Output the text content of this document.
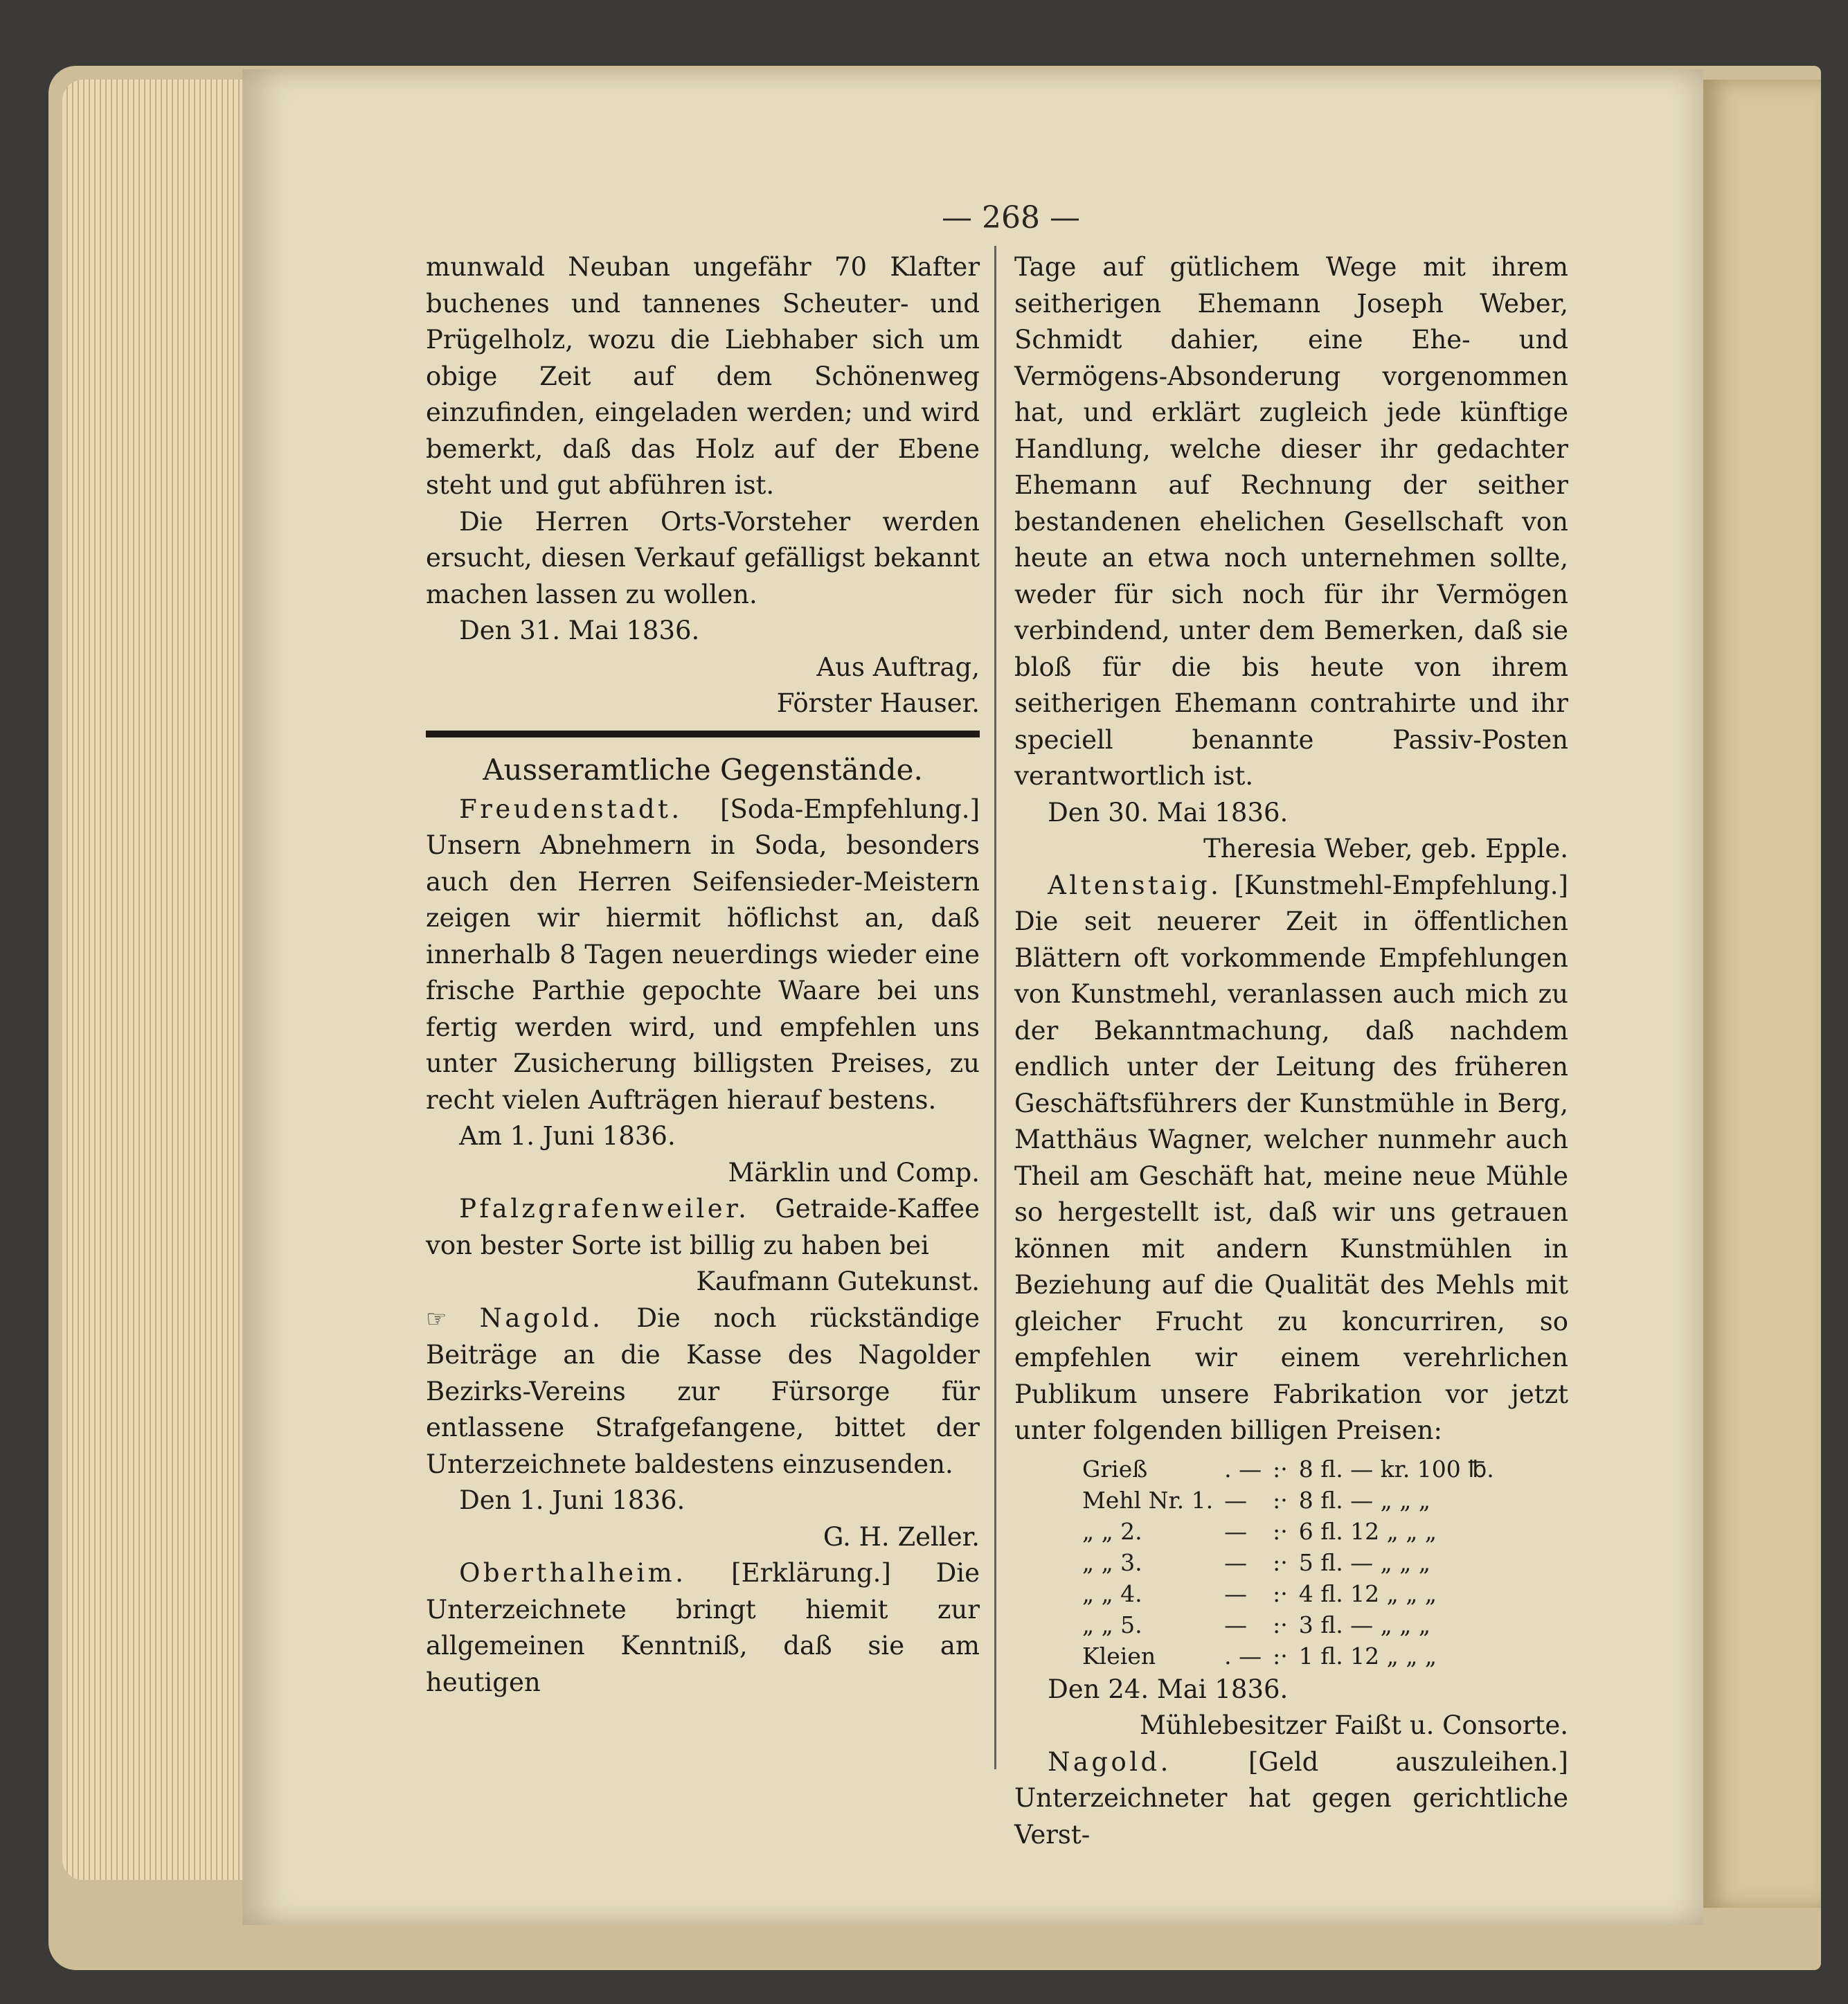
— 268 —

munwald Neuban ungefähr 70 Klafter buchenes und tannenes Scheuter- und Prügelholz, wozu die Liebhaber sich um obige Zeit auf dem Schönenweg einzufinden, eingeladen werden; und wird bemerkt, daß das Holz auf der Ebene steht und gut abführen ist.

Die Herren Orts-Vorsteher werden ersucht, diesen Verkauf gefälligst bekannt machen lassen zu wollen.

Den 31. Mai 1836.

Aus Auftrag,

Förster Hauser.

Ausseramtliche Gegenstände.

Freudenstadt. [Soda-Empfehlung.] Unsern Abnehmern in Soda, besonders auch den Herren Seifensieder-Meistern zeigen wir hiermit höflichst an, daß innerhalb 8 Tagen neuerdings wieder eine frische Parthie gepochte Waare bei uns fertig werden wird, und empfehlen uns unter Zusicherung billigsten Preises, zu recht vielen Aufträgen hierauf bestens.

Am 1. Juni 1836.

Märklin und Comp.

Pfalzgrafenweiler. Getraide-Kaffee von bester Sorte ist billig zu haben bei

Kaufmann Gutekunst.

☞ Nagold. Die noch rückständige Beiträge an die Kasse des Nagolder Bezirks-Vereins zur Fürsorge für entlassene Strafgefangene, bittet der Unterzeichnete baldestens einzusenden.

Den 1. Juni 1836.

G. H. Zeller.

Oberthalheim. [Erklärung.] Die Unterzeichnete bringt hiemit zur allgemeinen Kenntniß, daß sie am heutigen

Tage auf gütlichem Wege mit ihrem seitherigen Ehemann Joseph Weber, Schmidt dahier, eine Ehe- und Vermögens-Absonderung vorgenommen hat, und erklärt zugleich jede künftige Handlung, welche dieser ihr gedachter Ehemann auf Rechnung der seither bestandenen ehelichen Gesellschaft von heute an etwa noch unternehmen sollte, weder für sich noch für ihr Vermögen verbindend, unter dem Bemerken, daß sie bloß für die bis heute von ihrem seitherigen Ehemann contrahirte und ihr speciell benannte Passiv-Posten verantwortlich ist.

Den 30. Mai 1836.

Theresia Weber, geb. Epple.

Altenstaig. [Kunstmehl-Empfehlung.] Die seit neuerer Zeit in öffentlichen Blättern oft vorkommende Empfehlungen von Kunstmehl, veranlassen auch mich zu der Bekanntmachung, daß nachdem endlich unter der Leitung des früheren Geschäftsführers der Kunstmühle in Berg, Matthäus Wagner, welcher nunmehr auch Theil am Geschäft hat, meine neue Mühle so hergestellt ist, daß wir uns getrauen können mit andern Kunstmühlen in Beziehung auf die Qualität des Mehls mit gleicher Frucht zu koncurriren, so empfehlen wir einem verehrlichen Publikum unsere Fabrikation vor jetzt unter folgenden billigen Preisen:

Grieß	. —	:·	8 fl. — kr. 100 ℔.
Mehl Nr. 1.	—	:·	8 fl. — „ „ „
„ „ 2.	—	:·	6 fl. 12 „ „ „
„ „ 3.	—	:·	5 fl. — „ „ „
„ „ 4.	—	:·	4 fl. 12 „ „ „
„ „ 5.	—	:·	3 fl. — „ „ „
Kleien	. —	:·	1 fl. 12 „ „ „

Den 24. Mai 1836.

Mühlebesitzer Faißt u. Consorte.

Nagold. [Geld auszuleihen.] Unterzeichneter hat gegen gerichtliche Verst-
